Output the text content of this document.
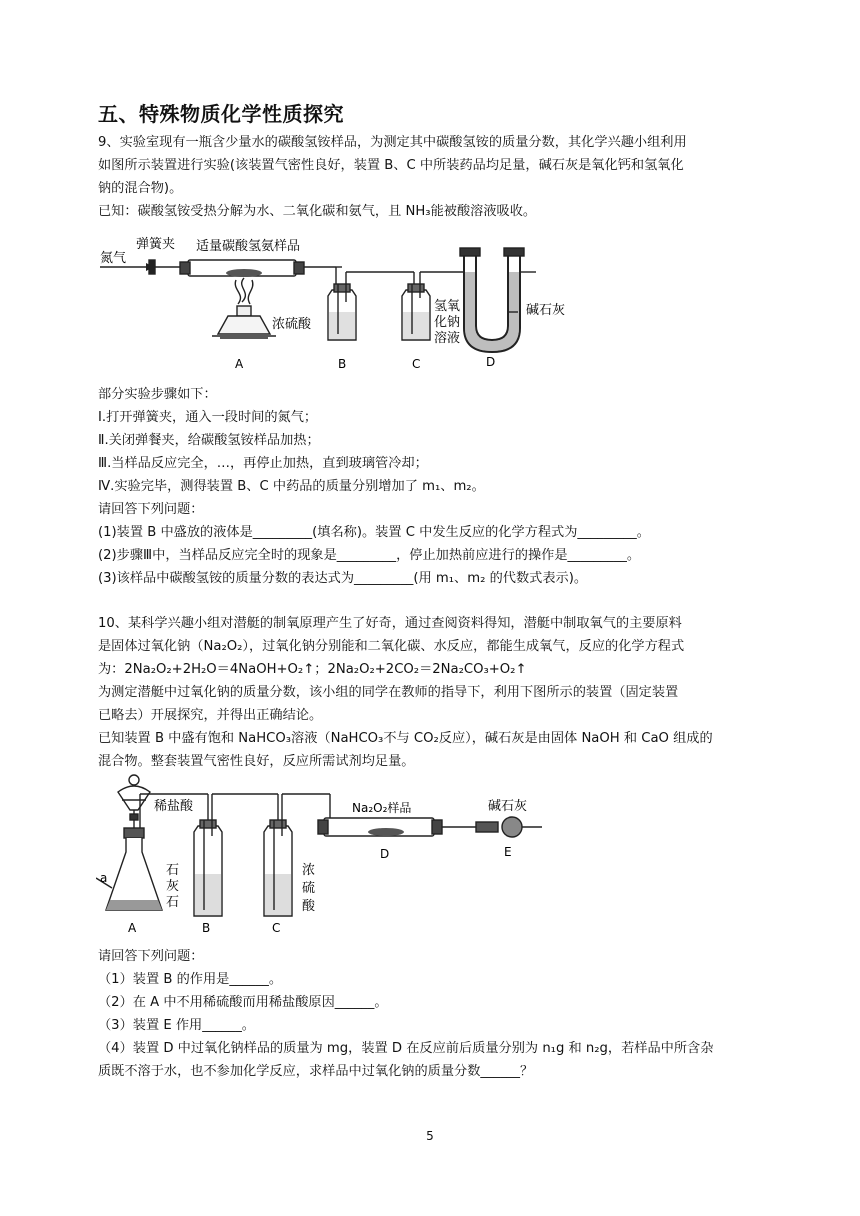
五、特殊物质化学性质探究
9、实验室现有一瓶含少量水的碳酸氢铵样品，为测定其中碳酸氢铵的质量分数，其化学兴趣小组利用
如图所示装置进行实验(该装置气密性良好，装置 B、C 中所装药品均足量，碱石灰是氧化钙和氢氧化
钠的混合物)。
已知：碳酸氢铵受热分解为水、二氧化碳和氨气，且 NH₃能被酸溶液吸收。
弹簧夹 适量碳酸氢氨样品
氮气
浓硫酸
氢氧
化钠
溶液
碱石灰
A	B	C	D
部分实验步骤如下：
Ⅰ.打开弹簧夹，通入一段时间的氮气；
Ⅱ.关闭弹餐夹，给碳酸氢铵样品加热；
Ⅲ.当样品反应完全，…，再停止加热，直到玻璃管冷却；
Ⅳ.实验完毕，测得装置 B、C 中药品的质量分别增加了 m₁、m₂。
请回答下列问题：
(1)装置 B 中盛放的液体是_________(填名称)。装置 C 中发生反应的化学方程式为_________。
(2)步骤Ⅲ中，当样品反应完全时的现象是_________，停止加热前应进行的操作是_________。
(3)该样品中碳酸氢铵的质量分数的表达式为_________(用 m₁、m₂ 的代数式表示)。
10、某科学兴趣小组对潜艇的制氧原理产生了好奇，通过查阅资料得知，潜艇中制取氧气的主要原料
是固体过氧化钠（Na₂O₂），过氧化钠分别能和二氧化碳、水反应，都能生成氧气，反应的化学方程式
为：2Na₂O₂+2H₂O＝4NaOH+O₂↑；2Na₂O₂+2CO₂＝2Na₂CO₃+O₂↑
为测定潜艇中过氧化钠的质量分数，该小组的同学在教师的指导下，利用下图所示的装置（固定装置
已略去）开展探究，并得出正确结论。
已知装置 B 中盛有饱和 NaHCO₃溶液（NaHCO₃不与 CO₂反应），碱石灰是由固体 NaOH 和 CaO 组成的
混合物。整套装置气密性良好，反应所需试剂均足量。
稀盐酸
石
灰
石
a
Na₂O₂样品	碱石灰
浓
硫
酸
A	B	C
D	E
请回答下列问题：
（1）装置 B 的作用是______。
（2）在 A 中不用稀硫酸而用稀盐酸原因______。
（3）装置 E 作用______。
（4）装置 D 中过氧化钠样品的质量为 mg，装置 D 在反应前后质量分别为 n₁g 和 n₂g，若样品中所含杂
质既不溶于水，也不参加化学反应，求样品中过氧化钠的质量分数______？
5
